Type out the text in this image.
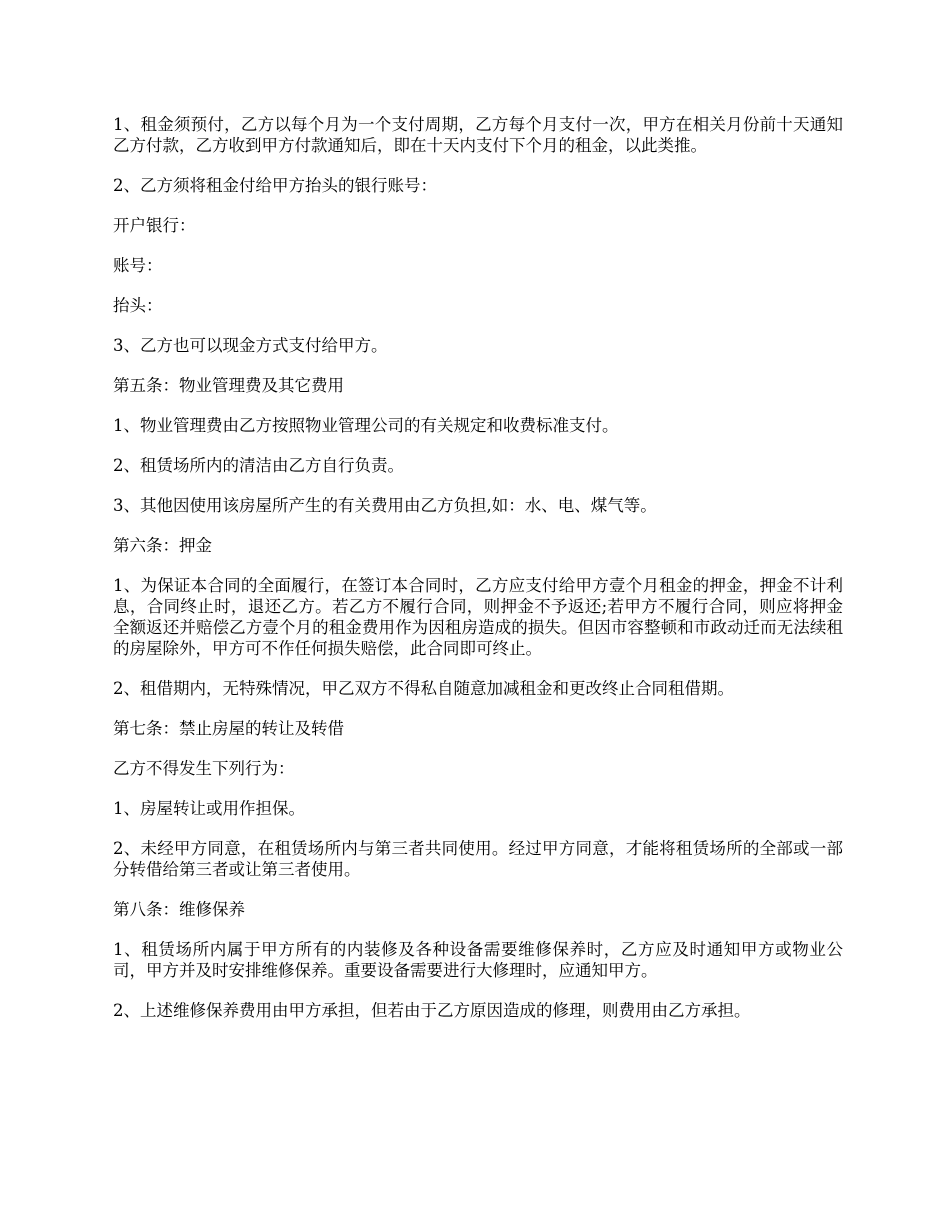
1、租金须预付，乙方以每个月为一个支付周期，乙方每个月支付一次，甲方在相关月份前十天通知乙方付款，乙方收到甲方付款通知后，即在十天内支付下个月的租金，以此类推。

2、乙方须将租金付给甲方抬头的银行账号：

开户银行：

账号：

抬头：

3、乙方也可以现金方式支付给甲方。

第五条：物业管理费及其它费用

1、物业管理费由乙方按照物业管理公司的有关规定和收费标准支付。

2、租赁场所内的清洁由乙方自行负责。

3、其他因使用该房屋所产生的有关费用由乙方负担,如：水、电、煤气等。

第六条：押金

1、为保证本合同的全面履行，在签订本合同时，乙方应支付给甲方壹个月租金的押金，押金不计利息，合同终止时，退还乙方。若乙方不履行合同，则押金不予返还;若甲方不履行合同，则应将押金全额返还并赔偿乙方壹个月的租金费用作为因租房造成的损失。但因市容整顿和市政动迁而无法续租的房屋除外，甲方可不作任何损失赔偿，此合同即可终止。

2、租借期内，无特殊情况，甲乙双方不得私自随意加减租金和更改终止合同租借期。

第七条：禁止房屋的转让及转借

乙方不得发生下列行为：

1、房屋转让或用作担保。

2、未经甲方同意，在租赁场所内与第三者共同使用。经过甲方同意，才能将租赁场所的全部或一部分转借给第三者或让第三者使用。

第八条：维修保养

1、租赁场所内属于甲方所有的内装修及各种设备需要维修保养时，乙方应及时通知甲方或物业公司，甲方并及时安排维修保养。重要设备需要进行大修理时，应通知甲方。

2、上述维修保养费用由甲方承担，但若由于乙方原因造成的修理，则费用由乙方承担。
